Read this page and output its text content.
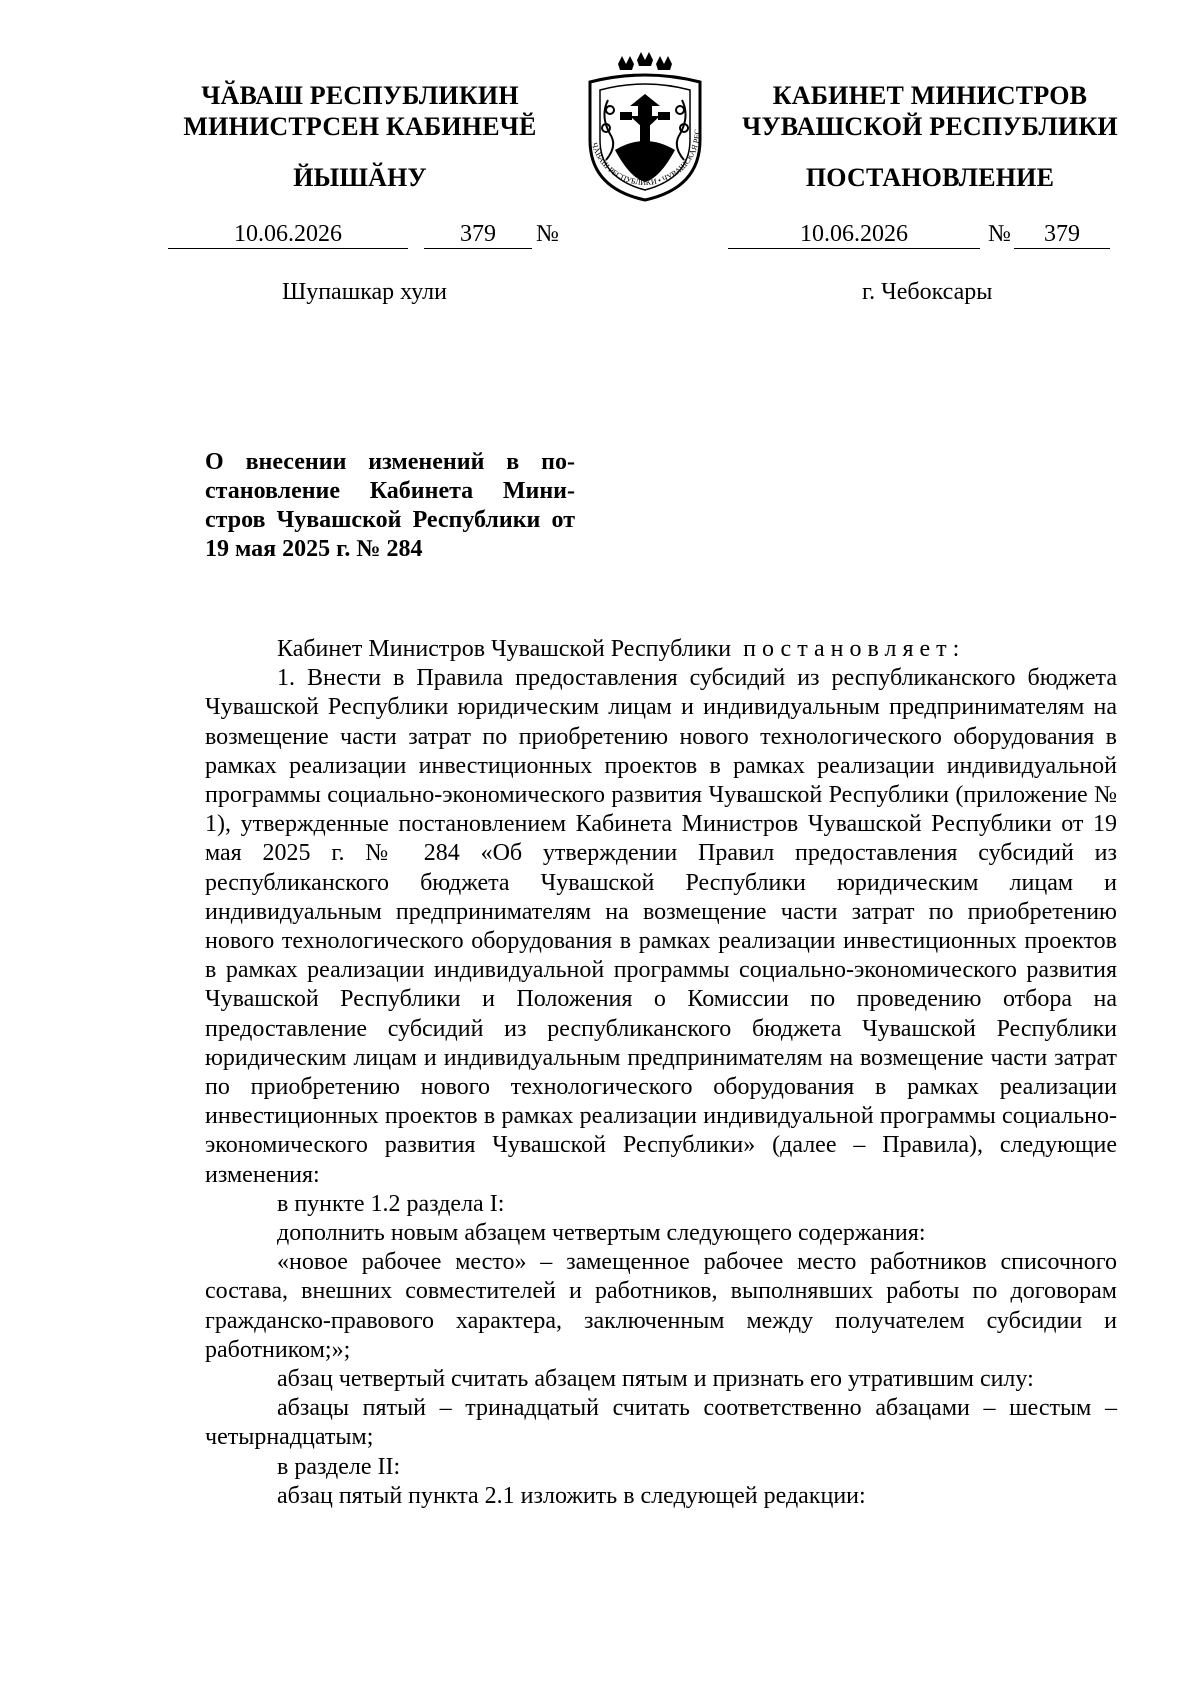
ЧӐВАШ РЕСПУБЛИКИН
МИНИСТРСЕН КАБИНЕЧӖ
ЙЫШӐНУ
ЧĂВАШ РЕСПУБЛИКИ • ЧУВАШСКАЯ РЕС
КАБИНЕТ МИНИСТРОВ
ЧУВАШСКОЙ РЕСПУБЛИКИ
ПОСТАНОВЛЕНИЕ
10.06.2026	379	№
Шупашкар хули
10.06.2026	№	379
г. Чебоксары
О внесении изменений в постановление Кабинета Министров Чувашской Республики от 19 мая 2025 г. № 284

Кабинет Министров Чувашской Республики постановляет:

1. Внести в Правила предоставления субсидий из республиканского бюджета Чувашской Республики юридическим лицам и индивидуальным предпринимателям на возмещение части затрат по приобретению нового технологического оборудования в рамках реализации инвестиционных проектов в рамках реализации индивидуальной программы социально-экономического развития Чувашской Республики (приложение № 1), утвержденные постановлением Кабинета Министров Чувашской Республики от 19 мая 2025 г. № 284 «Об утверждении Правил предоставления субсидий из республиканского бюджета Чувашской Республики юридическим лицам и индивидуальным предпринимателям на возмещение части затрат по приобретению нового технологического оборудования в рамках реализации инвестиционных проектов в рамках реализации индивидуальной программы социально-экономического развития Чувашской Республики и Положения о Комиссии по проведению отбора на предоставление субсидий из республиканского бюджета Чувашской Республики юридическим лицам и индивидуальным предпринимателям на возмещение части затрат по приобретению нового технологического оборудования в рамках реализации инвестиционных проектов в рамках реализации индивидуальной программы социально-экономического развития Чувашской Республики» (далее – Правила), следующие изменения:

в пункте 1.2 раздела I:

дополнить новым абзацем четвертым следующего содержания:

«новое рабочее место» – замещенное рабочее место работников списочного состава, внешних совместителей и работников, выполнявших работы по договорам гражданско-правового характера, заключенным между получателем субсидии и работником;»;

абзац четвертый считать абзацем пятым и признать его утратившим силу:

абзацы пятый – тринадцатый считать соответственно абзацами – шестым – четырнадцатым;

в разделе II:

абзац пятый пункта 2.1 изложить в следующей редакции:
